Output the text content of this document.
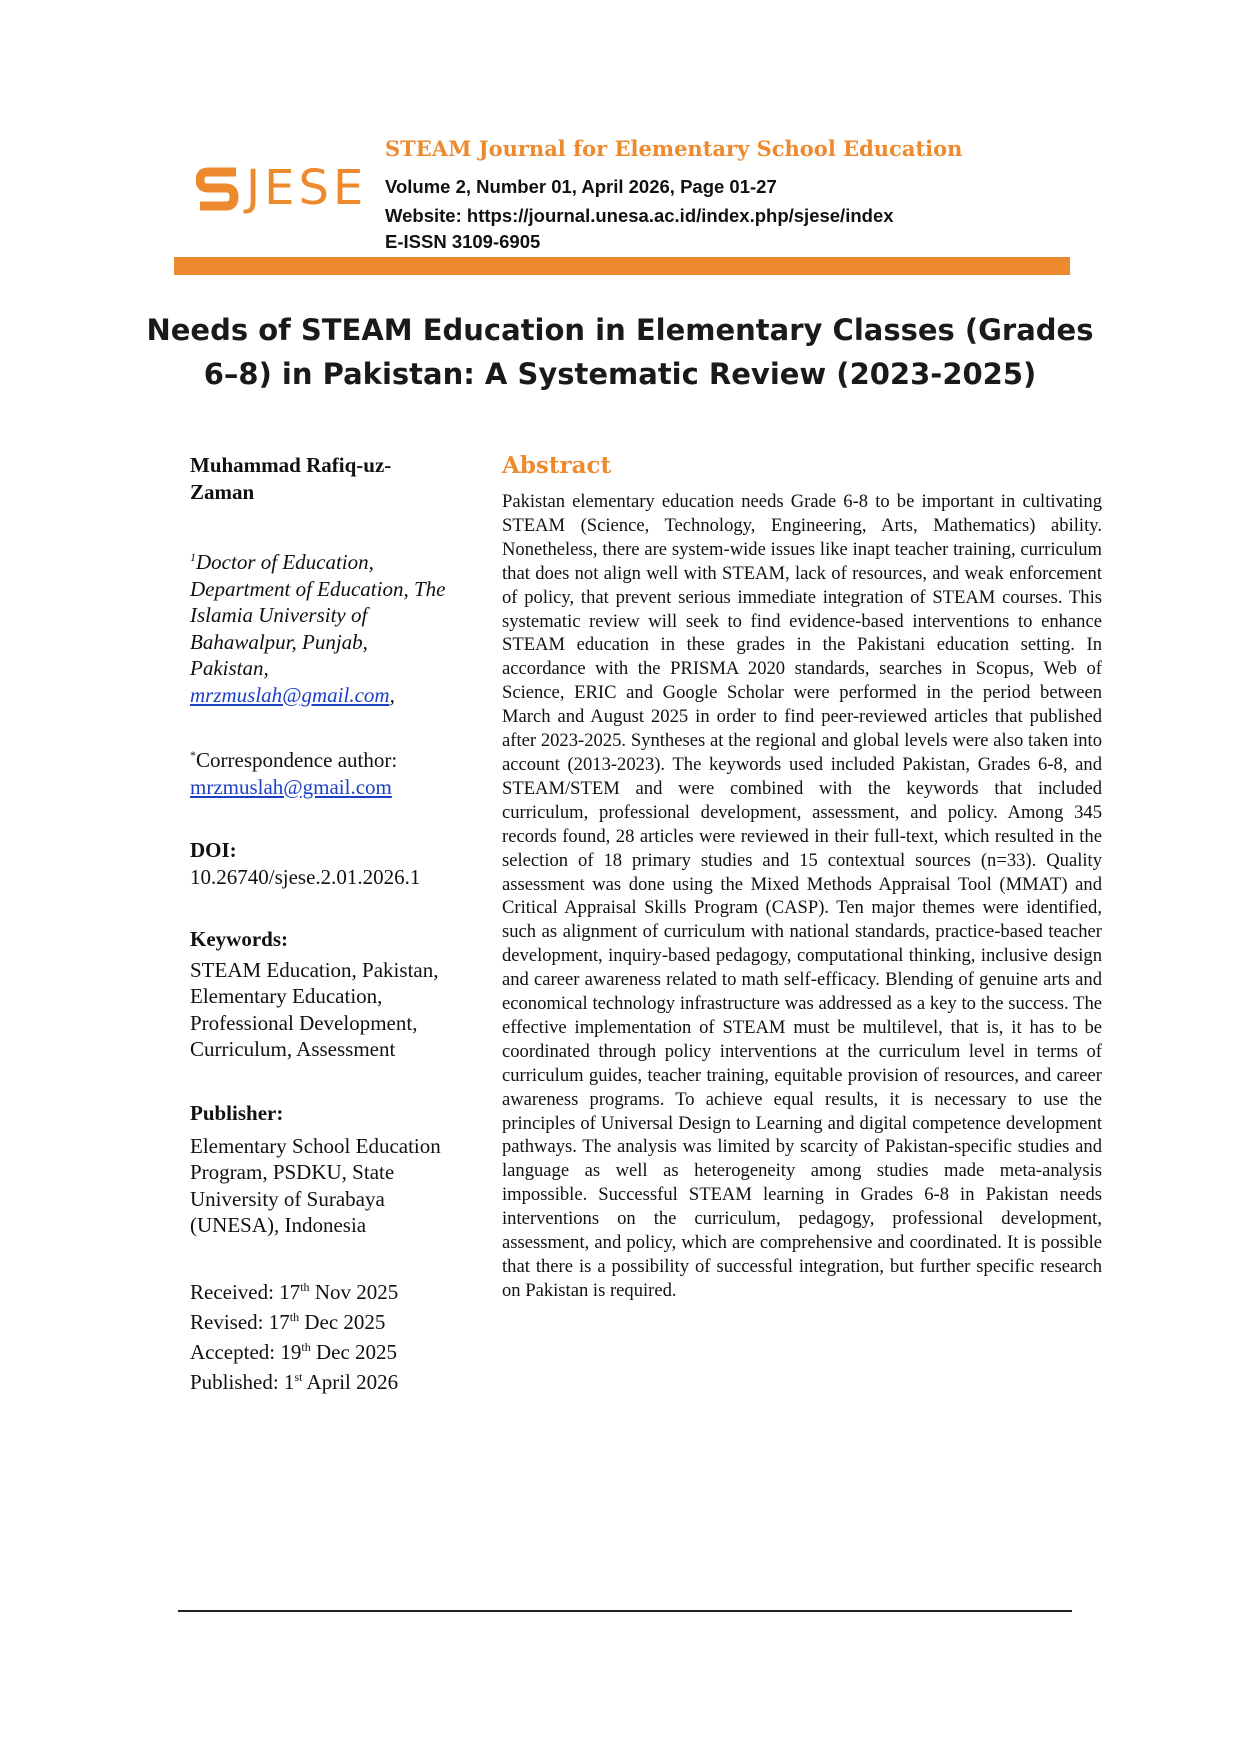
JESE
STEAM Journal for Elementary School Education
Volume 2, Number 01, April 2026, Page 01-27
Website: https://journal.unesa.ac.id/index.php/sjese/index
E-ISSN 3109-6905
Needs of STEAM Education in Elementary Classes (Grades
6–8) in Pakistan: A Systematic Review (2023-2025)

Muhammad Rafiq-uz-
Zaman

$^1$Doctor of Education,
Department of Education, The
Islamia University of
Bahawalpur, Punjab,
Pakistan,
mrzmuslah@gmail.com,

*Correspondence author:
mrzmuslah@gmail.com

DOI:

10.26740/sjese.2.01.2026.1

Keywords:

STEAM Education, Pakistan,
Elementary Education,
Professional Development,
Curriculum, Assessment

Publisher:

Elementary School Education
Program, PSDKU, State
University of Surabaya
(UNESA), Indonesia

Received: 17th Nov 2025

Revised: 17th Dec 2025

Accepted: 19th Dec 2025

Published: 1st April 2026

Abstract

Pakistan elementary education needs Grade 6-8 to be important in cultivating STEAM (Science, Technology, Engineering, Arts, Mathematics) ability. Nonetheless, there are system-wide issues like inapt teacher training, curriculum that does not align well with STEAM, lack of resources, and weak enforcement of policy, that prevent serious immediate integration of STEAM courses. This systematic review will seek to find evidence-based interventions to enhance STEAM education in these grades in the Pakistani education setting. In accordance with the PRISMA 2020 standards, searches in Scopus, Web of Science, ERIC and Google Scholar were performed in the period between March and August 2025 in order to find peer-reviewed articles that published after 2023-2025. Syntheses at the regional and global levels were also taken into account (2013-2023). The keywords used included Pakistan, Grades 6-8, and STEAM/STEM and were combined with the keywords that included curriculum, professional development, assessment, and policy. Among 345 records found, 28 articles were reviewed in their full-text, which resulted in the selection of 18 primary studies and 15 contextual sources (n=33). Quality assessment was done using the Mixed Methods Appraisal Tool (MMAT) and Critical Appraisal Skills Program (CASP). Ten major themes were identified, such as alignment of curriculum with national standards, practice-based teacher development, inquiry-based pedagogy, computational thinking, inclusive design and career awareness related to math self-efficacy. Blending of genuine arts and economical technology infrastructure was addressed as a key to the success. The effective implementation of STEAM must be multilevel, that is, it has to be coordinated through policy interventions at the curriculum level in terms of curriculum guides, teacher training, equitable provision of resources, and career awareness programs. To achieve equal results, it is necessary to use the principles of Universal Design to Learning and digital competence development pathways. The analysis was limited by scarcity of Pakistan-specific studies and language as well as heterogeneity among studies made meta-analysis impossible. Successful STEAM learning in Grades 6-8 in Pakistan needs interventions on the curriculum, pedagogy, professional development, assessment, and policy, which are comprehensive and coordinated. It is possible that there is a possibility of successful integration, but further specific research on Pakistan is required.
